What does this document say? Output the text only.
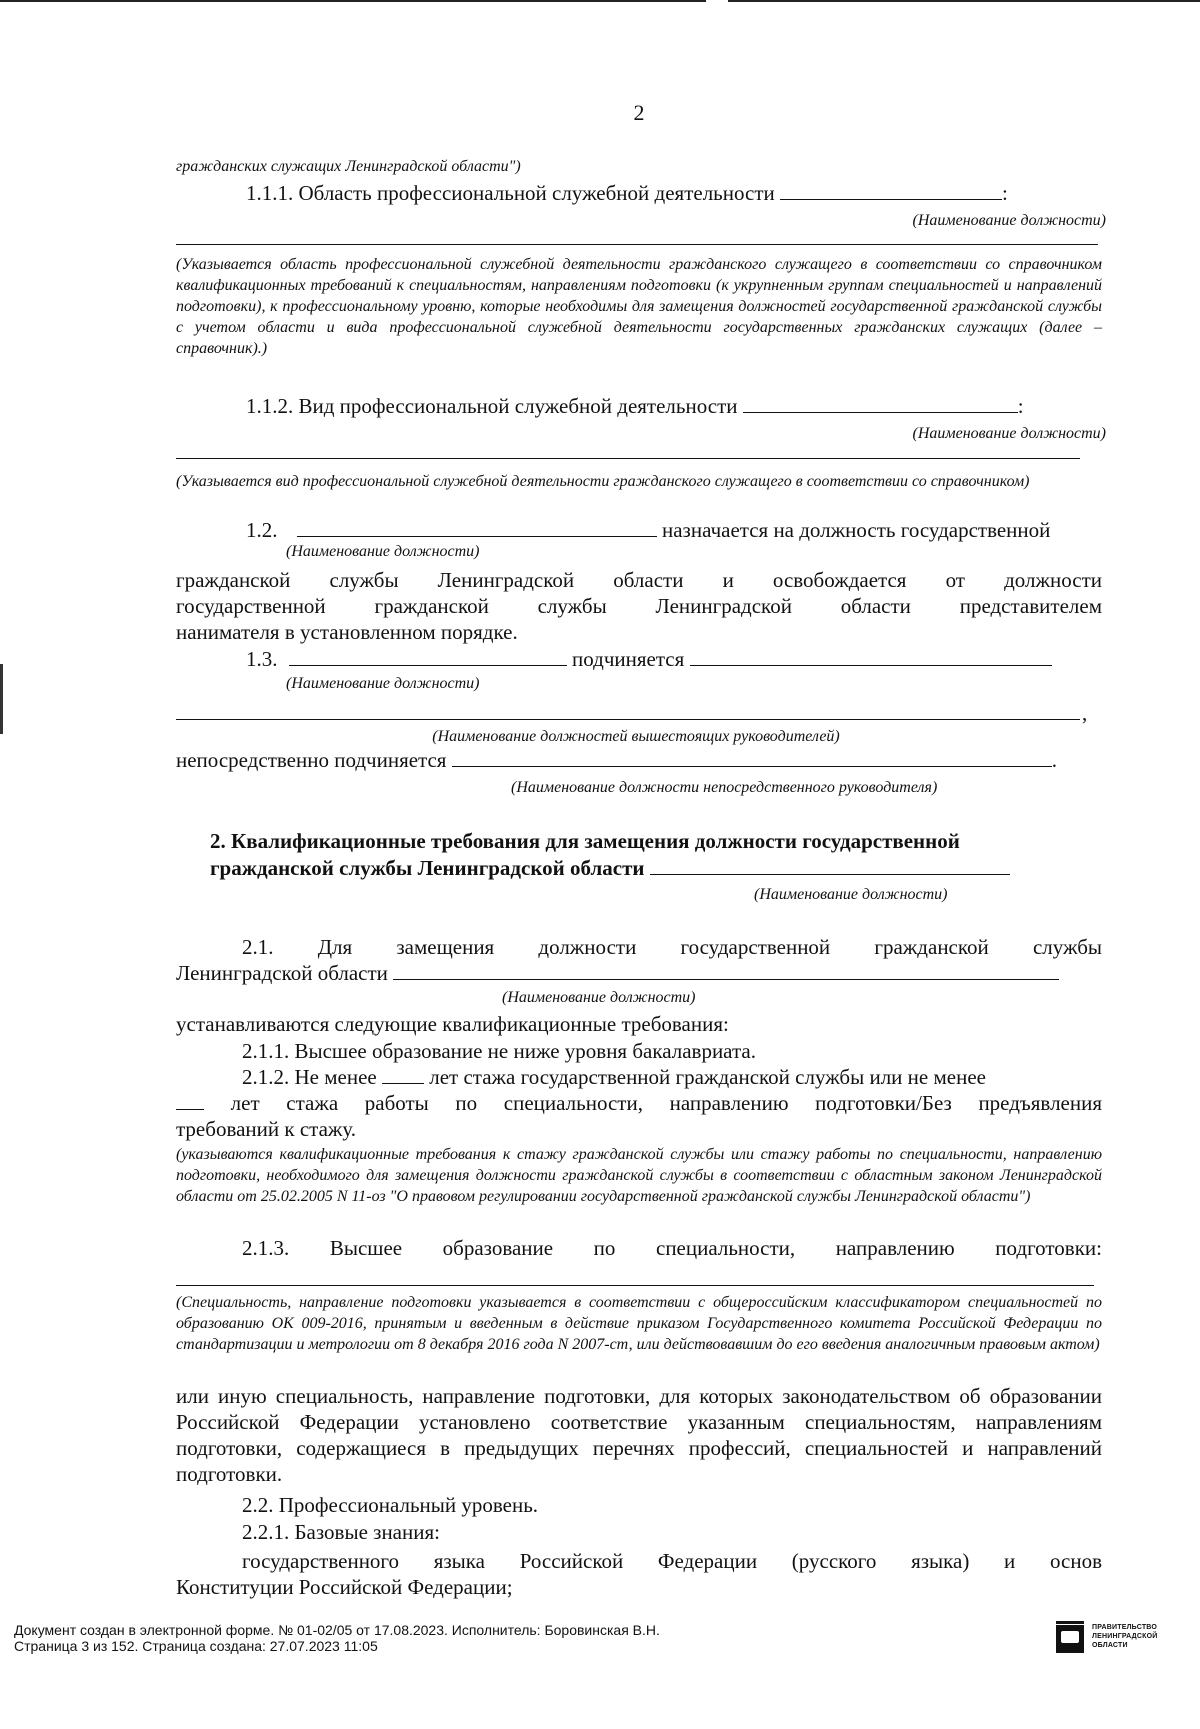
2
гражданских служащих Ленинградской области")
1.1.1. Область профессиональной служебной деятельности	:
(Наименование должности)
(Указывается область профессиональной служебной деятельности гражданского служащего в соответствии со справочником квалификационных требований к специальностям, направлениям подготовки (к укрупненным группам специальностей и направлений подготовки), к профессиональному уровню, которые необходимы для замещения должностей государственной гражданской службы с учетом области и вида профессиональной служебной деятельности государственных гражданских служащих (далее – справочник).)
1.1.2. Вид профессиональной служебной деятельности	:
(Наименование должности)
(Указывается вид профессиональной служебной деятельности гражданского служащего в соответствии со справочником)
1.2.	назначается на должность государственной
(Наименование должности)
гражданской службы Ленинградской области и освобождается от должности
государственной гражданской службы Ленинградской области представителем
нанимателя в установленном порядке.
1.3.	подчиняется
(Наименование должности)
,
(Наименование должностей вышестоящих руководителей)
непосредственно подчиняется	.
(Наименование должности непосредственного руководителя)
2. Квалификационные требования для замещения должности государственной
гражданской службы Ленинградской области
(Наименование должности)
2.1. Для замещения должности государственной гражданской службы
Ленинградской области
(Наименование должности)
устанавливаются следующие квалификационные требования:
2.1.1. Высшее образование не ниже уровня бакалавриата.
2.1.2. Не менее	лет стажа государственной гражданской службы или не менее
лет стажа работы по специальности, направлению подготовки/Без предъявления
требований к стажу.
(указываются квалификационные требования к стажу гражданской службы или стажу работы по специальности, направлению подготовки, необходимого для замещения должности гражданской службы в соответствии с областным законом Ленинградской области от 25.02.2005 N 11-оз "О правовом регулировании государственной гражданской службы Ленинградской области")
2.1.3. Высшее образование по специальности, направлению подготовки:
(Специальность, направление подготовки указывается в соответствии с общероссийским классификатором специальностей по образованию ОК 009-2016, принятым и введенным в действие приказом Государственного комитета Российской Федерации по стандартизации и метрологии от 8 декабря 2016 года N 2007-ст, или действовавшим до его введения аналогичным правовым актом)
или иную специальность, направление подготовки, для которых законодательством об образовании Российской Федерации установлено соответствие указанным специальностям, направлениям подготовки, содержащиеся в предыдущих перечнях профессий, специальностей и направлений подготовки.
2.2. Профессиональный уровень.
2.2.1. Базовые знания:
государственного языка Российской Федерации (русского языка) и основ
Конституции Российской Федерации;
Документ создан в электронной форме. № 01-02/05 от 17.08.2023. Исполнитель: Боровинская В.Н.
Страница 3 из 152. Страница создана: 27.07.2023 11:05
ПРАВИТЕЛЬСТВО
ЛЕНИНГРАДСКОЙ
ОБЛАСТИ
